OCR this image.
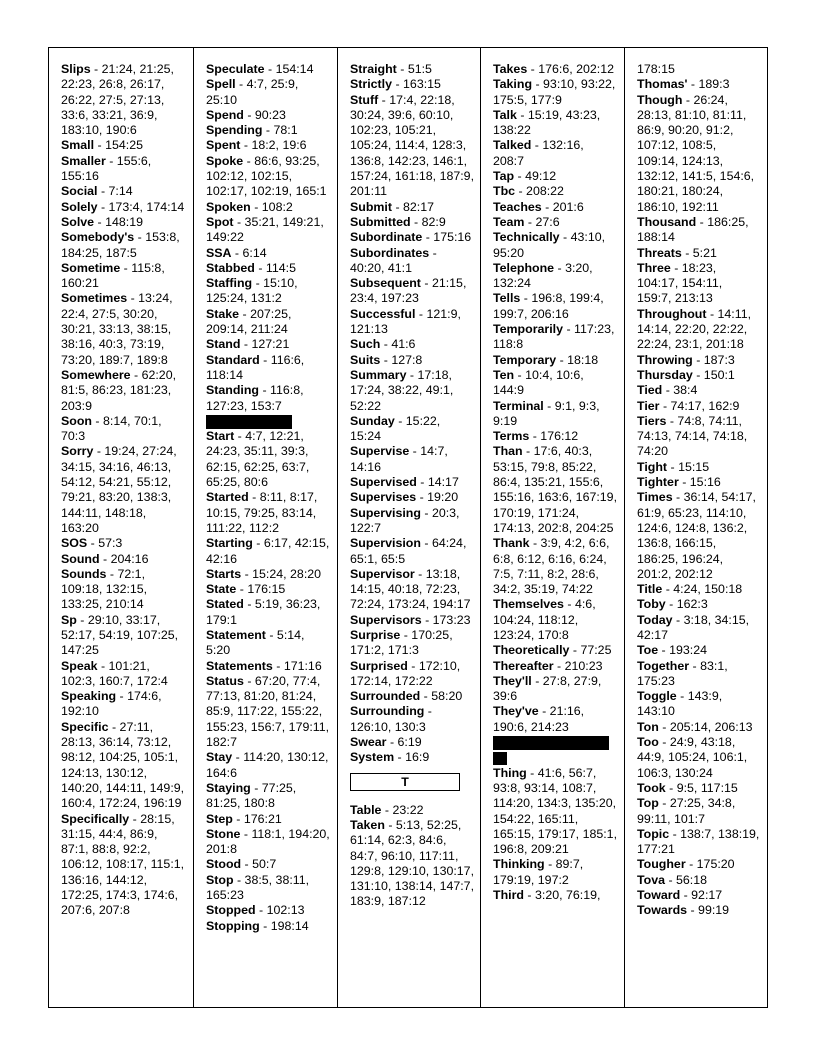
Slips - 21:24, 21:25, 22:23, 26:8, 26:17, 26:22, 27:5, 27:13, 33:6, 33:21, 36:9, 183:10, 190:6
Small - 154:25
Smaller - 155:6, 155:16
Social - 7:14
Solely - 173:4, 174:14
Solve - 148:19
Somebody's - 153:8, 184:25, 187:5
Sometime - 115:8, 160:21
Sometimes - 13:24, 22:4, 27:5, 30:20, 30:21, 33:13, 38:15, 38:16, 40:3, 73:19, 73:20, 189:7, 189:8
Somewhere - 62:20, 81:5, 86:23, 181:23, 203:9
Soon - 8:14, 70:1, 70:3
Sorry - 19:24, 27:24, 34:15, 34:16, 46:13, 54:12, 54:21, 55:12, 79:21, 83:20, 138:3, 144:11, 148:18, 163:20
SOS - 57:3
Sound - 204:16
Sounds - 72:1, 109:18, 132:15, 133:25, 210:14
Sp - 29:10, 33:17, 52:17, 54:19, 107:25, 147:25
Speak - 101:21, 102:3, 160:7, 172:4
Speaking - 174:6, 192:10
Specific - 27:11, 28:13, 36:14, 73:12, 98:12, 104:25, 105:1, 124:13, 130:12, 140:20, 144:11, 149:9, 160:4, 172:24, 196:19
Specifically - 28:15, 31:15, 44:4, 86:9, 87:1, 88:8, 92:2, 106:12, 108:17, 115:1, 136:16, 144:12, 172:25, 174:3, 174:6, 207:6, 207:8
Speculate - 154:14
Spell - 4:7, 25:9, 25:10
Spend - 90:23
Spending - 78:1
Spent - 18:2, 19:6
Spoke - 86:6, 93:25, 102:12, 102:15, 102:17, 102:19, 165:1
Spoken - 108:2
Spot - 35:21, 149:21, 149:22
SSA - 6:14
Stabbed - 114:5
Staffing - 15:10, 125:24, 131:2
Stake - 207:25, 209:14, 211:24
Stand - 127:21
Standard - 116:6, 118:14
Standing - 116:8, 127:23, 153:7
Start - 4:7, 12:21, 24:23, 35:11, 39:3, 62:15, 62:25, 63:7, 65:25, 80:6
Started - 8:11, 8:17, 10:15, 79:25, 83:14, 111:22, 112:2
Starting - 6:17, 42:15, 42:16
Starts - 15:24, 28:20
State - 176:15
Stated - 5:19, 36:23, 179:1
Statement - 5:14, 5:20
Statements - 171:16
Status - 67:20, 77:4, 77:13, 81:20, 81:24, 85:9, 117:22, 155:22, 155:23, 156:7, 179:11, 182:7
Stay - 114:20, 130:12, 164:6
Staying - 77:25, 81:25, 180:8
Step - 176:21
Stone - 118:1, 194:20, 201:8
Stood - 50:7
Stop - 38:5, 38:11, 165:23
Stopped - 102:13
Stopping - 198:14
Straight - 51:5
Strictly - 163:15
Stuff - 17:4, 22:18, 30:24, 39:6, 60:10, 102:23, 105:21, 105:24, 114:4, 128:3, 136:8, 142:23, 146:1, 157:24, 161:18, 187:9, 201:11
Submit - 82:17
Submitted - 82:9
Subordinate - 175:16
Subordinates - 40:20, 41:1
Subsequent - 21:15, 23:4, 197:23
Successful - 121:9, 121:13
Such - 41:6
Suits - 127:8
Summary - 17:18, 17:24, 38:22, 49:1, 52:22
Sunday - 15:22, 15:24
Supervise - 14:7, 14:16
Supervised - 14:17
Supervises - 19:20
Supervising - 20:3, 122:7
Supervision - 64:24, 65:1, 65:5
Supervisor - 13:18, 14:15, 40:18, 72:23, 72:24, 173:24, 194:17
Supervisors - 173:23
Surprise - 170:25, 171:2, 171:3
Surprised - 172:10, 172:14, 172:22
Surrounded - 58:20
Surrounding - 126:10, 130:3
Swear - 6:19
System - 16:9
T
Table - 23:22
Taken - 5:13, 52:25, 61:14, 62:3, 84:6, 84:7, 96:10, 117:11, 129:8, 129:10, 130:17, 131:10, 138:14, 147:7, 183:9, 187:12
Takes - 176:6, 202:12
Taking - 93:10, 93:22, 175:5, 177:9
Talk - 15:19, 43:23, 138:22
Talked - 132:16, 208:7
Tap - 49:12
Tbc - 208:22
Teaches - 201:6
Team - 27:6
Technically - 43:10, 95:20
Telephone - 3:20, 132:24
Tells - 196:8, 199:4, 199:7, 206:16
Temporarily - 117:23, 118:8
Temporary - 18:18
Ten - 10:4, 10:6, 144:9
Terminal - 9:1, 9:3, 9:19
Terms - 176:12
Than - 17:6, 40:3, 53:15, 79:8, 85:22, 86:4, 135:21, 155:6, 155:16, 163:6, 167:19, 170:19, 171:24, 174:13, 202:8, 204:25
Thank - 3:9, 4:2, 6:6, 6:8, 6:12, 6:16, 6:24, 7:5, 7:11, 8:2, 28:6, 34:2, 35:19, 74:22
Themselves - 4:6, 104:24, 118:12, 123:24, 170:8
Theoretically - 77:25
Thereafter - 210:23
They'll - 27:8, 27:9, 39:6
They've - 21:16, 190:6, 214:23

Thing - 41:6, 56:7, 93:8, 93:14, 108:7, 114:20, 134:3, 135:20, 154:22, 165:11, 165:15, 179:17, 185:1, 196:8, 209:21
Thinking - 89:7, 179:19, 197:2
Third - 3:20, 76:19,
178:15
Thomas' - 189:3
Though - 26:24, 28:13, 81:10, 81:11, 86:9, 90:20, 91:2, 107:12, 108:5, 109:14, 124:13, 132:12, 141:5, 154:6, 180:21, 180:24, 186:10, 192:11
Thousand - 186:25, 188:14
Threats - 5:21
Three - 18:23, 104:17, 154:11, 159:7, 213:13
Throughout - 14:11, 14:14, 22:20, 22:22, 22:24, 23:1, 201:18
Throwing - 187:3
Thursday - 150:1
Tied - 38:4
Tier - 74:17, 162:9
Tiers - 74:8, 74:11, 74:13, 74:14, 74:18, 74:20
Tight - 15:15
Tighter - 15:16
Times - 36:14, 54:17, 61:9, 65:23, 114:10, 124:6, 124:8, 136:2, 136:8, 166:15, 186:25, 196:24, 201:2, 202:12
Title - 4:24, 150:18
Toby - 162:3
Today - 3:18, 34:15, 42:17
Toe - 193:24
Together - 83:1, 175:23
Toggle - 143:9, 143:10
Ton - 205:14, 206:13
Too - 24:9, 43:18, 44:9, 105:24, 106:1, 106:3, 130:24
Took - 9:5, 117:15
Top - 27:25, 34:8, 99:11, 101:7
Topic - 138:7, 138:19, 177:21
Tougher - 175:20
Tova - 56:18
Toward - 92:17
Towards - 99:19
